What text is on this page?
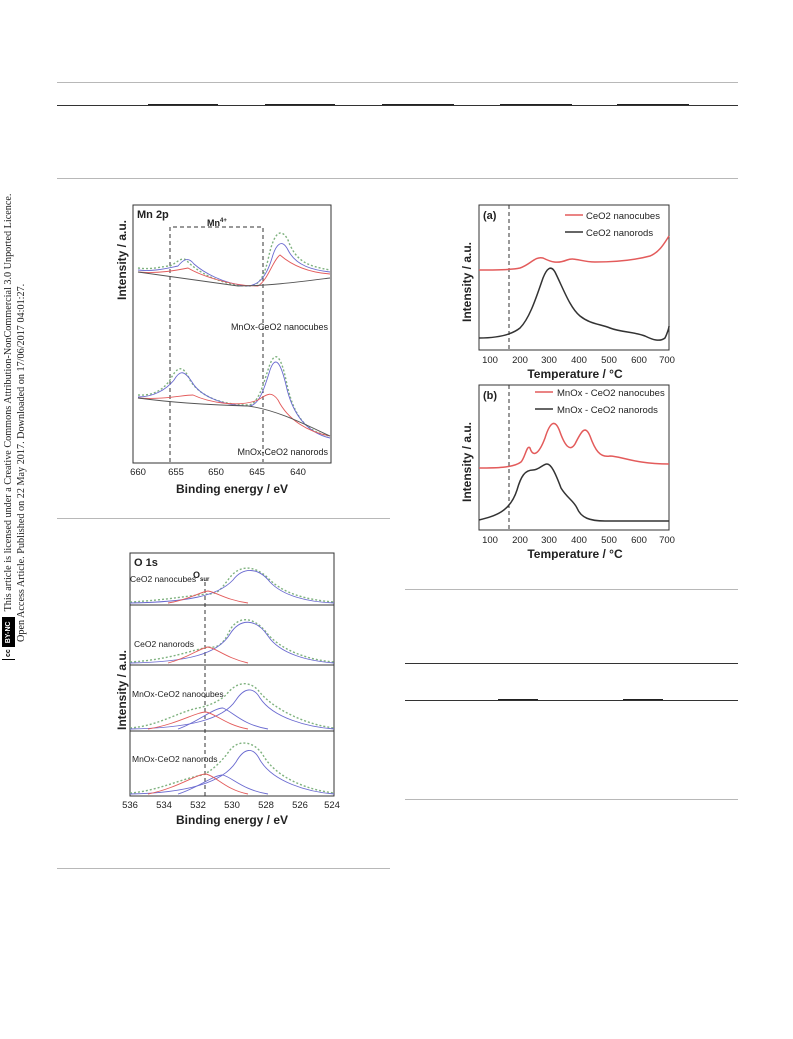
cc
BY-NC
This article is licensed under a Creative Commons Attribution-NonCommercial 3.0 Unported Licence. Open Access Article. Published on 22 May 2017. Downloaded on 17/06/2017 04:01:27.
Intensity / a.u.
Mn 2p
$Mn^{4+}$
MnOx-CeO2 nanocubes
MnOx-CeO2 nanorods
660 655	650	645	640
Binding energy / eV
Intensity / a.u.
O 1s
$O_{sur}$
CeO2 nanocubes
CeO2 nanorods
MnOx-CeO2 nanocubes
MnOx-CeO2 nanorods
536 534 532 530 528 526 524
Binding energy / eV
Intensity / a.u.
(a)	CeO2 nanocubes
CeO2 nanorods
100 200 300 400 500 600 700
Temperature / °C
Intensity / a.u.
(b)	MnOx - CeO2 nanocubes
MnOx - CeO2 nanorods
100 200 300 400 500 600 700
Temperature / °C
